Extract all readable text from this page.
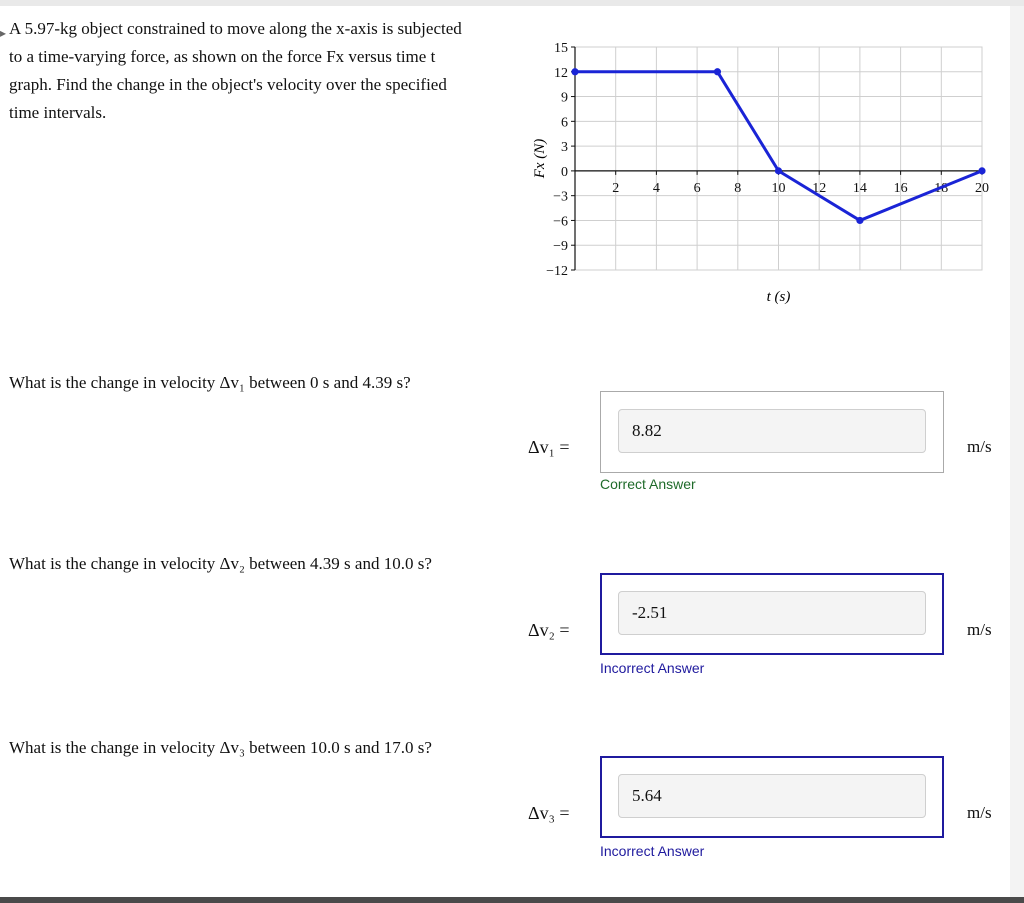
▸ A 5.97-kg object constrained to move along the x-axis is subjected to a time-varying force, as shown on the force Fx versus time t graph. Find the change in the object's velocity over the specified time intervals.
15
12
9
6
3
0
−3
−6
−9
−12
2 4 6 8 10 12 14 16 18 20
t (s)
Fx (N)
What is the change in velocity Δv₁ between 0 s and 4.39 s?
Δv₁ =
8.82
m/s
Correct Answer
What is the change in velocity Δv₂ between 4.39 s and 10.0 s?
Δv₂ =
-2.51
m/s
Incorrect Answer
What is the change in velocity Δv₃ between 10.0 s and 17.0 s?
Δv₃ =
5.64
m/s
Incorrect Answer
